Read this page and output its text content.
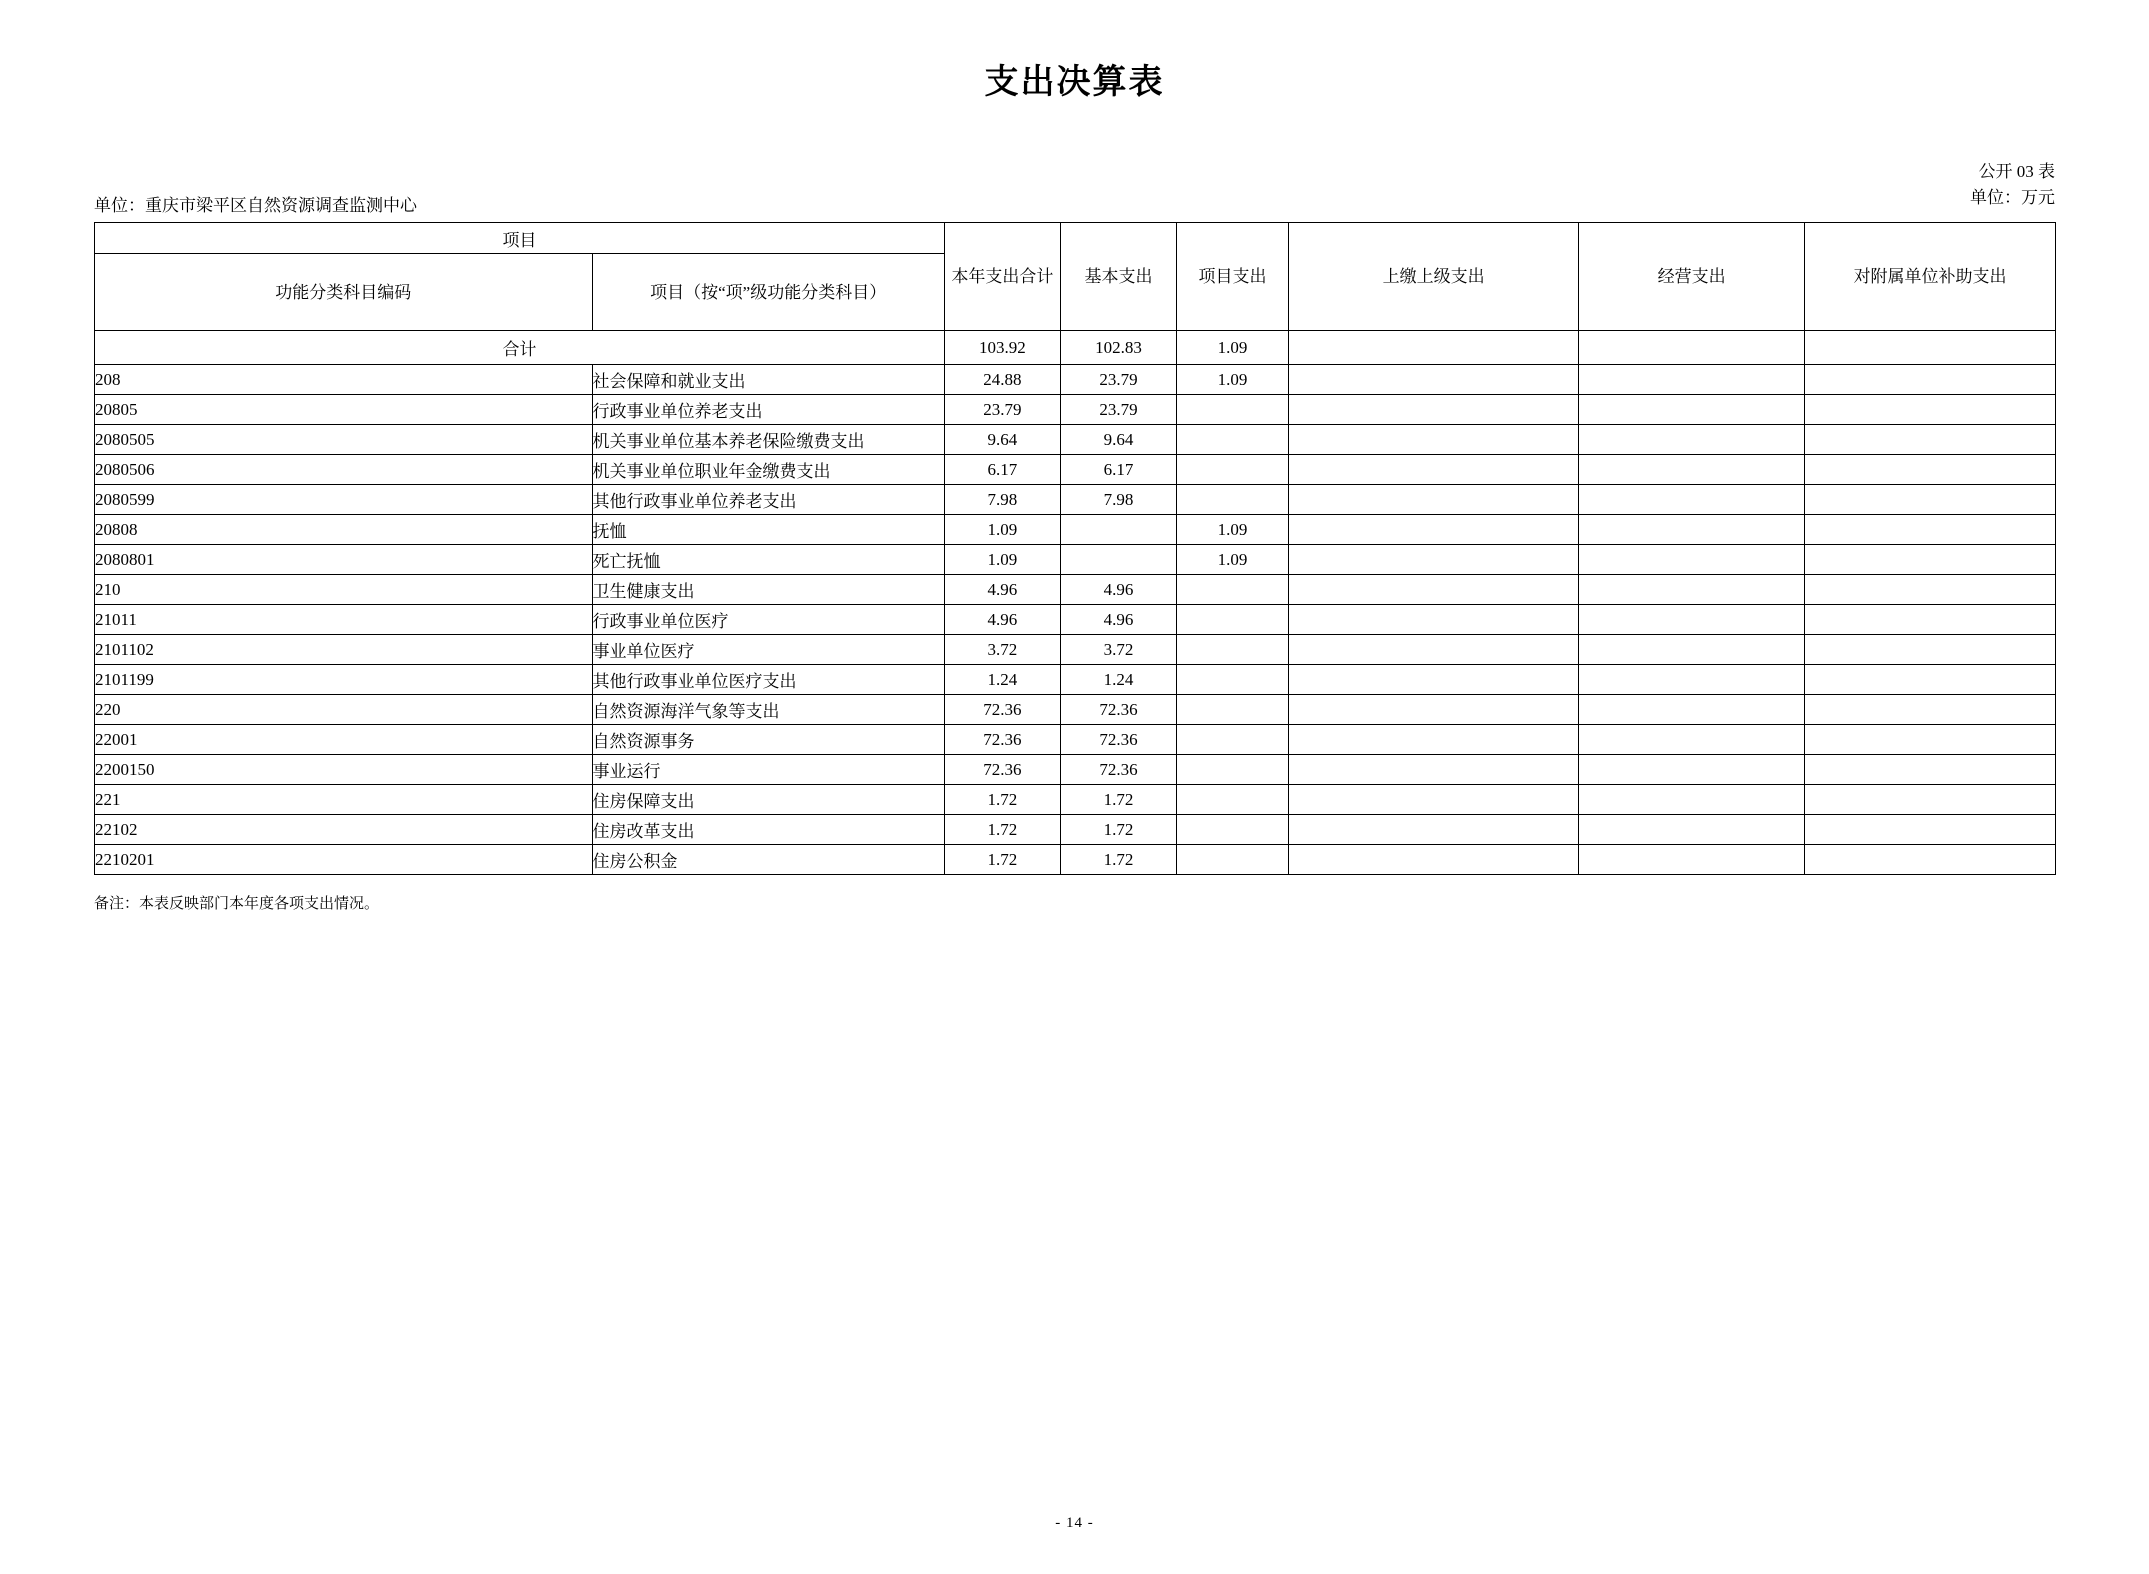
支出决算表
公开 03 表
单位：万元
单位：重庆市梁平区自然资源调查监测中心
项目		本年支出合计	基本支出	项目支出	上缴上级支出	经营支出	对附属单位补助支出
功能分类科目编码	项目（按“项”级功能分类科目）						
合计		103.92	102.83	1.09			
208	社会保障和就业支出	24.88	23.79	1.09			
20805	行政事业单位养老支出	23.79	23.79				
2080505	机关事业单位基本养老保险缴费支出	9.64	9.64				
2080506	机关事业单位职业年金缴费支出	6.17	6.17				
2080599	其他行政事业单位养老支出	7.98	7.98				
20808	抚恤	1.09		1.09			
2080801	死亡抚恤	1.09		1.09			
210	卫生健康支出	4.96	4.96				
21011	行政事业单位医疗	4.96	4.96				
2101102	事业单位医疗	3.72	3.72				
2101199	其他行政事业单位医疗支出	1.24	1.24				
220	自然资源海洋气象等支出	72.36	72.36				
22001	自然资源事务	72.36	72.36				
2200150	事业运行	72.36	72.36				
221	住房保障支出	1.72	1.72				
22102	住房改革支出	1.72	1.72				
2210201	住房公积金	1.72	1.72				
备注：本表反映部门本年度各项支出情况。
- 14 -
